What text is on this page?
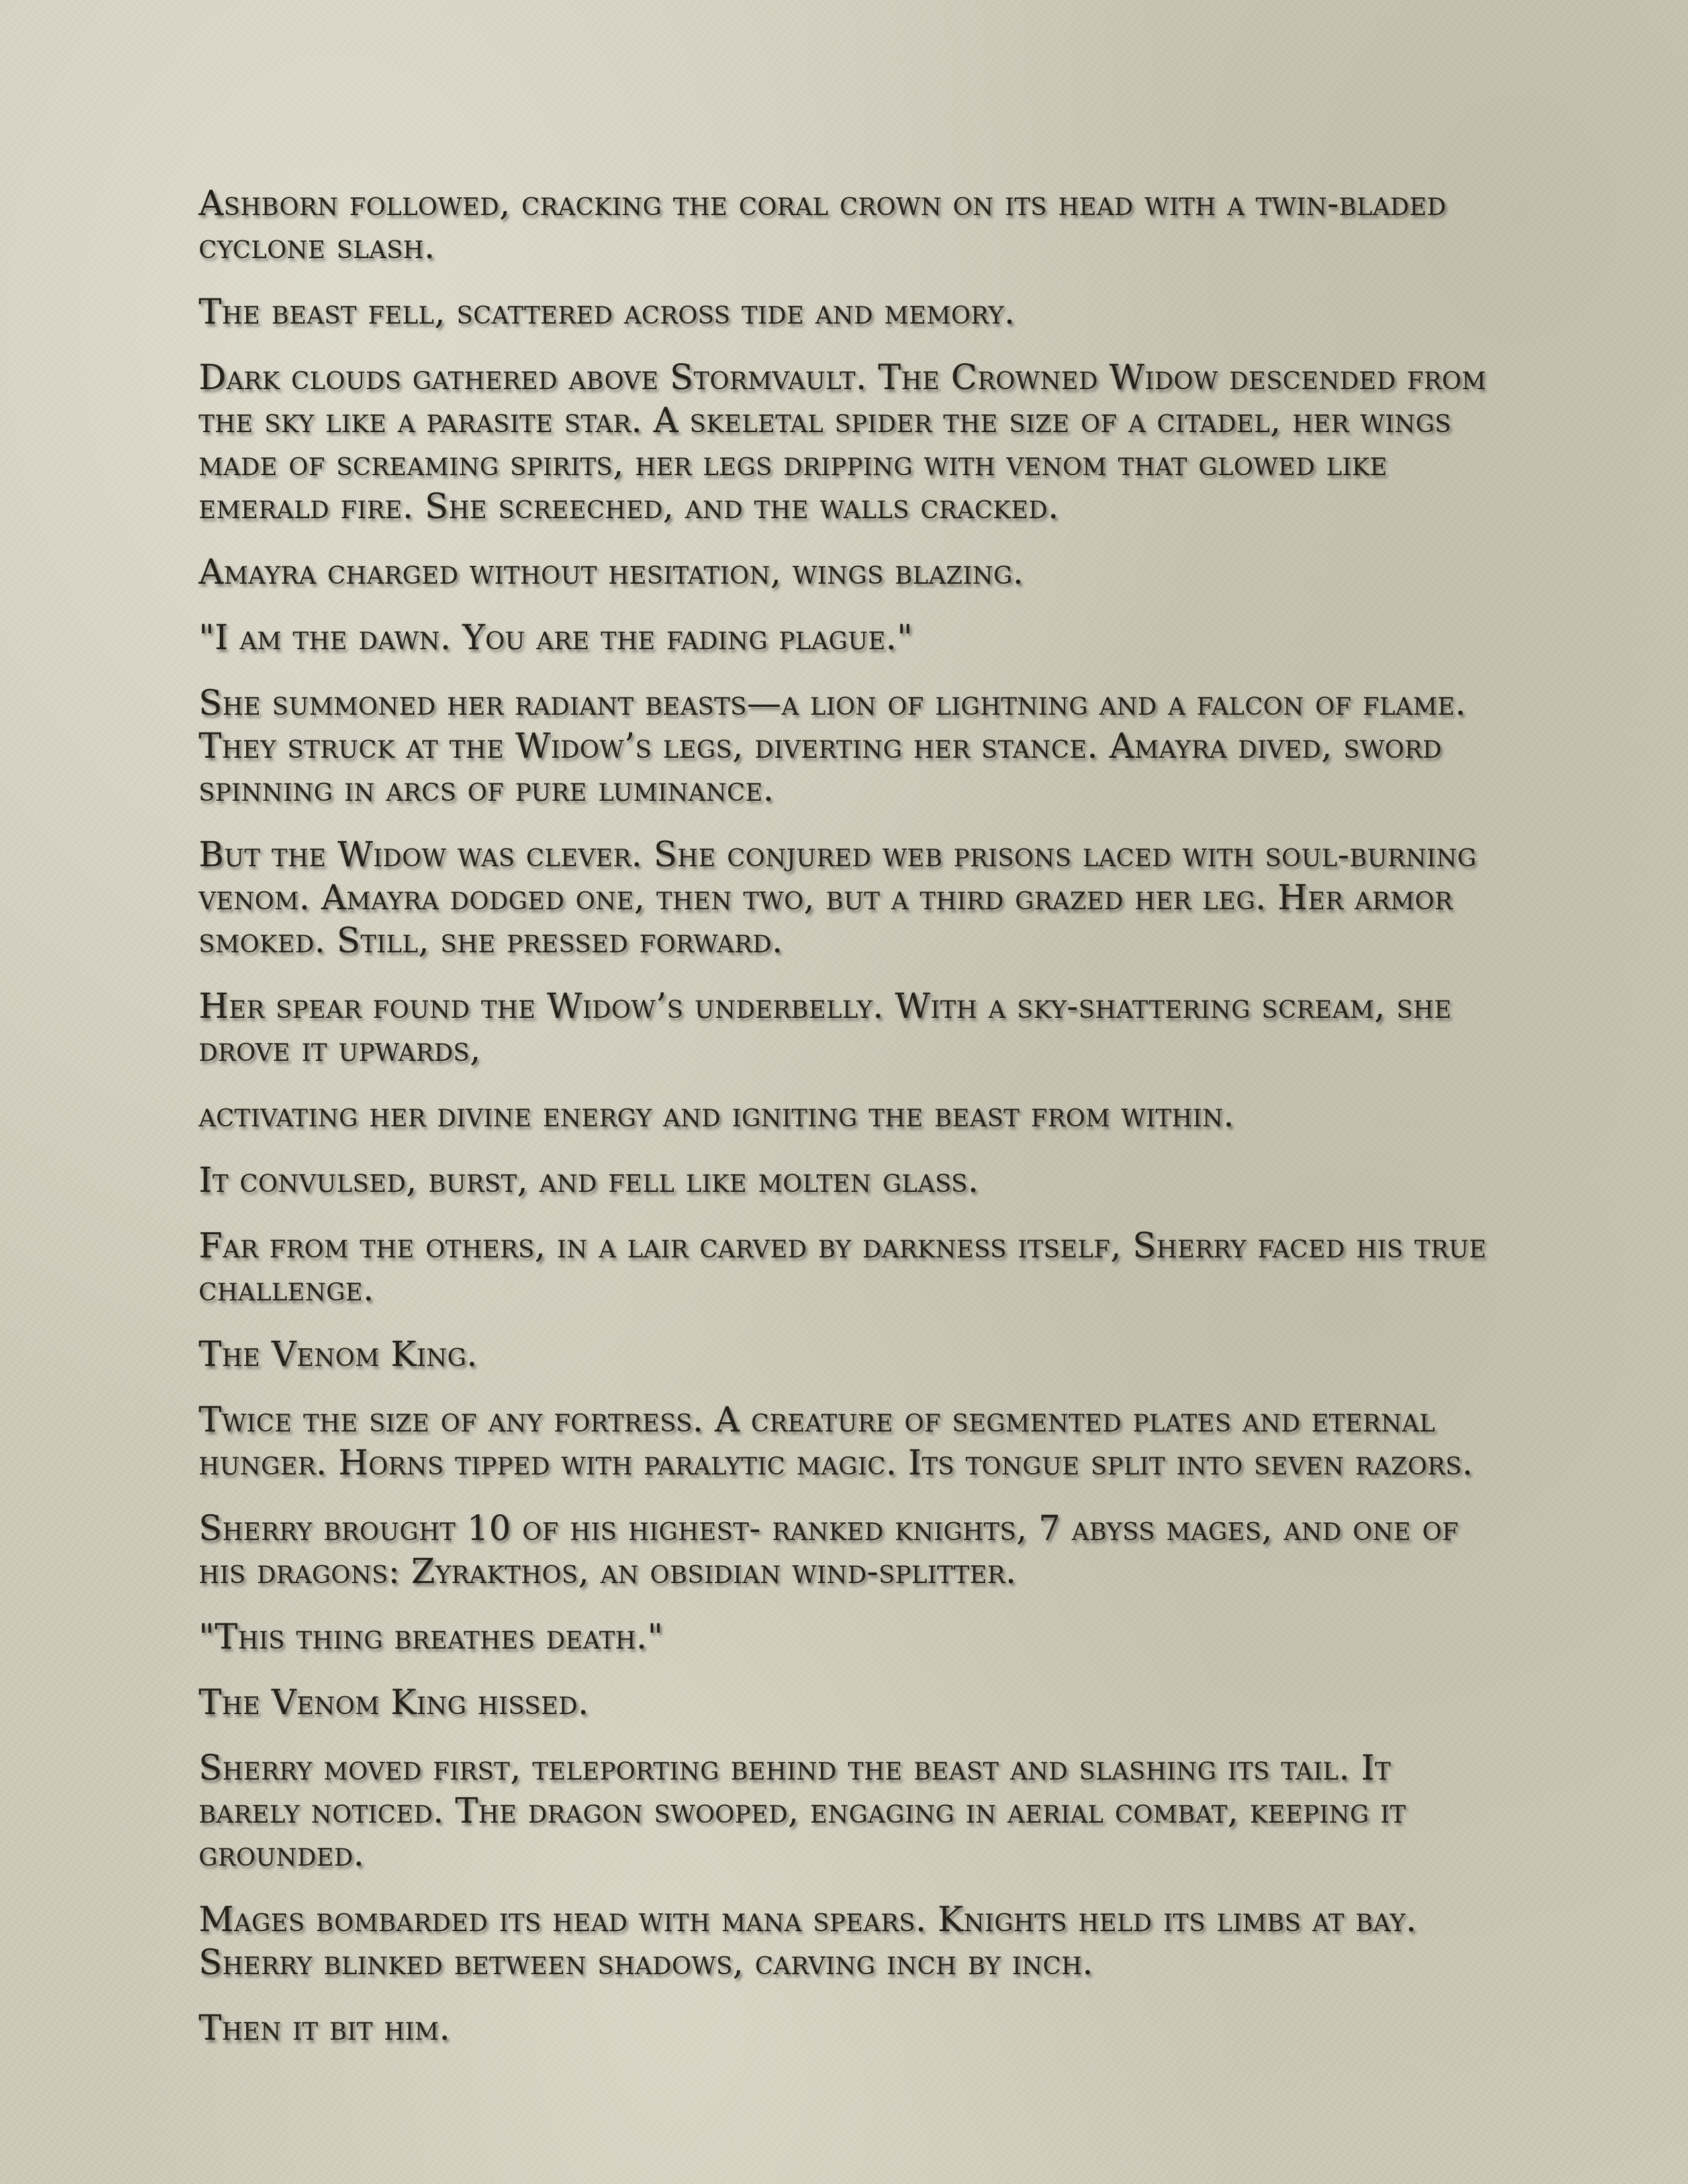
Ashborn followed, cracking the coral crown on its head with a twin-bladed cyclone slash.

The beast fell, scattered across tide and memory.

Dark clouds gathered above Stormvault. The Crowned Widow descended from the sky like a parasite star. A skeletal spider the size of a citadel, her wings made of screaming spirits, her legs dripping with venom that glowed like emerald fire. She screeched, and the walls cracked.

Amayra charged without hesitation, wings blazing.

"I am the dawn. You are the fading plague."

She summoned her radiant beasts—a lion of lightning and a falcon of flame. They struck at the Widow’s legs, diverting her stance. Amayra dived, sword spinning in arcs of pure luminance.

But the Widow was clever. She conjured web prisons laced with soul-burning venom. Amayra dodged one, then two, but a third grazed her leg. Her armor smoked. Still, she pressed forward.

Her spear found the Widow’s underbelly. With a sky-shattering scream, she drove it upwards,

activating her divine energy and igniting the beast from within.

It convulsed, burst, and fell like molten glass.

Far from the others, in a lair carved by darkness itself, Sherry faced his true challenge.

The Venom King.

Twice the size of any fortress. A creature of segmented plates and eternal hunger. Horns tipped with paralytic magic. Its tongue split into seven razors.

Sherry brought 10 of his highest- ranked knights, 7 abyss mages, and one of his dragons: Zyrakthos, an obsidian wind-splitter.

"This thing breathes death."

The Venom King hissed.

Sherry moved first, teleporting behind the beast and slashing its tail. It barely noticed. The dragon swooped, engaging in aerial combat, keeping it grounded.

Mages bombarded its head with mana spears. Knights held its limbs at bay. Sherry blinked between shadows, carving inch by inch.

Then it bit him.
